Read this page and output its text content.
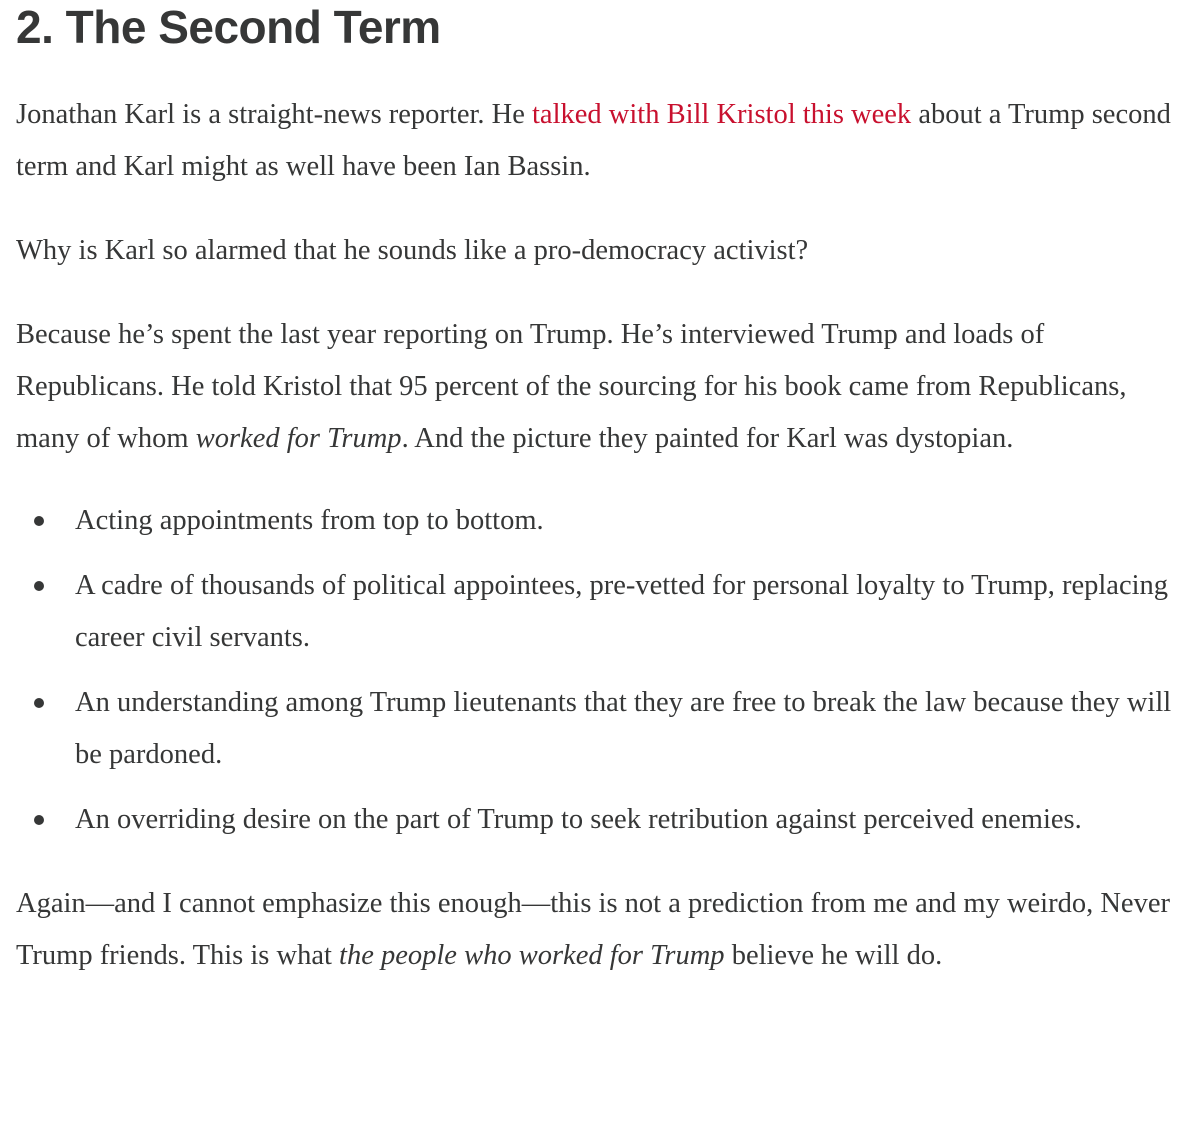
2. The Second Term

Jonathan Karl is a straight-news reporter. He talked with Bill Kristol this week about a Trump second term and Karl might as well have been Ian Bassin.

Why is Karl so alarmed that he sounds like a pro-democracy activist?

Because he’s spent the last year reporting on Trump. He’s interviewed Trump and loads of Republicans. He told Kristol that 95 percent of the sourcing for his book came from Republicans, many of whom worked for Trump. And the picture they painted for Karl was dystopian.

Acting appointments from top to bottom.
A cadre of thousands of political appointees, pre-vetted for personal loyalty to Trump, replacing career civil servants.
An understanding among Trump lieutenants that they are free to break the law because they will be pardoned.
An overriding desire on the part of Trump to seek retribution against perceived enemies.

Again—and I cannot emphasize this enough—this is not a prediction from me and my weirdo, Never Trump friends. This is what the people who worked for Trump believe he will do.
